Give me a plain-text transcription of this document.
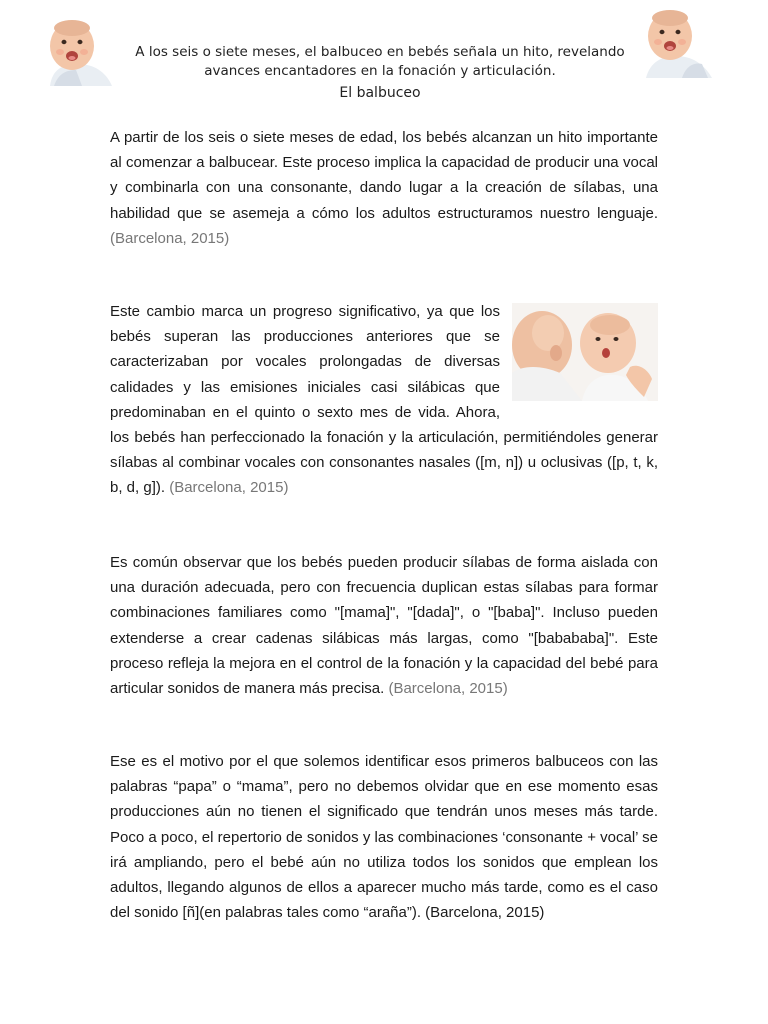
A los seis o siete meses, el balbuceo en bebés señala un hito, revelando
avances encantadores en la fonación y articulación.
El balbuceo

A partir de los seis o siete meses de edad, los bebés alcanzan un hito importante al comenzar a balbucear. Este proceso implica la capacidad de producir una vocal y combinarla con una consonante, dando lugar a la creación de sílabas, una habilidad que se asemeja a cómo los adultos estructuramos nuestro lenguaje. (Barcelona, 2015)

Este cambio marca un progreso significativo, ya que los bebés superan las producciones anteriores que se caracterizaban por vocales prolongadas de diversas calidades y las emisiones iniciales casi silábicas que predominaban en el quinto o sexto mes de vida. Ahora, los bebés han perfeccionado la fonación y la articulación, permitiéndoles generar sílabas al combinar vocales con consonantes nasales ([m, n]) u oclusivas ([p, t, k, b, d, g]). (Barcelona, 2015)

Es común observar que los bebés pueden producir sílabas de forma aislada con una duración adecuada, pero con frecuencia duplican estas sílabas para formar combinaciones familiares como "[mama]", "[dada]", o "[baba]". Incluso pueden extenderse a crear cadenas silábicas más largas, como "[babababa]". Este proceso refleja la mejora en el control de la fonación y la capacidad del bebé para articular sonidos de manera más precisa. (Barcelona, 2015)

Ese es el motivo por el que solemos identificar esos primeros balbuceos con las palabras “papa” o “mama”, pero no debemos olvidar que en ese momento esas producciones aún no tienen el significado que tendrán unos meses más tarde. Poco a poco, el repertorio de sonidos y las combinaciones ‘consonante + vocal’ se irá ampliando, pero el bebé aún no utiliza todos los sonidos que emplean los adultos, llegando algunos de ellos a aparecer mucho más tarde, como es el caso del sonido [ñ](en palabras tales como “araña”). (Barcelona, 2015)
